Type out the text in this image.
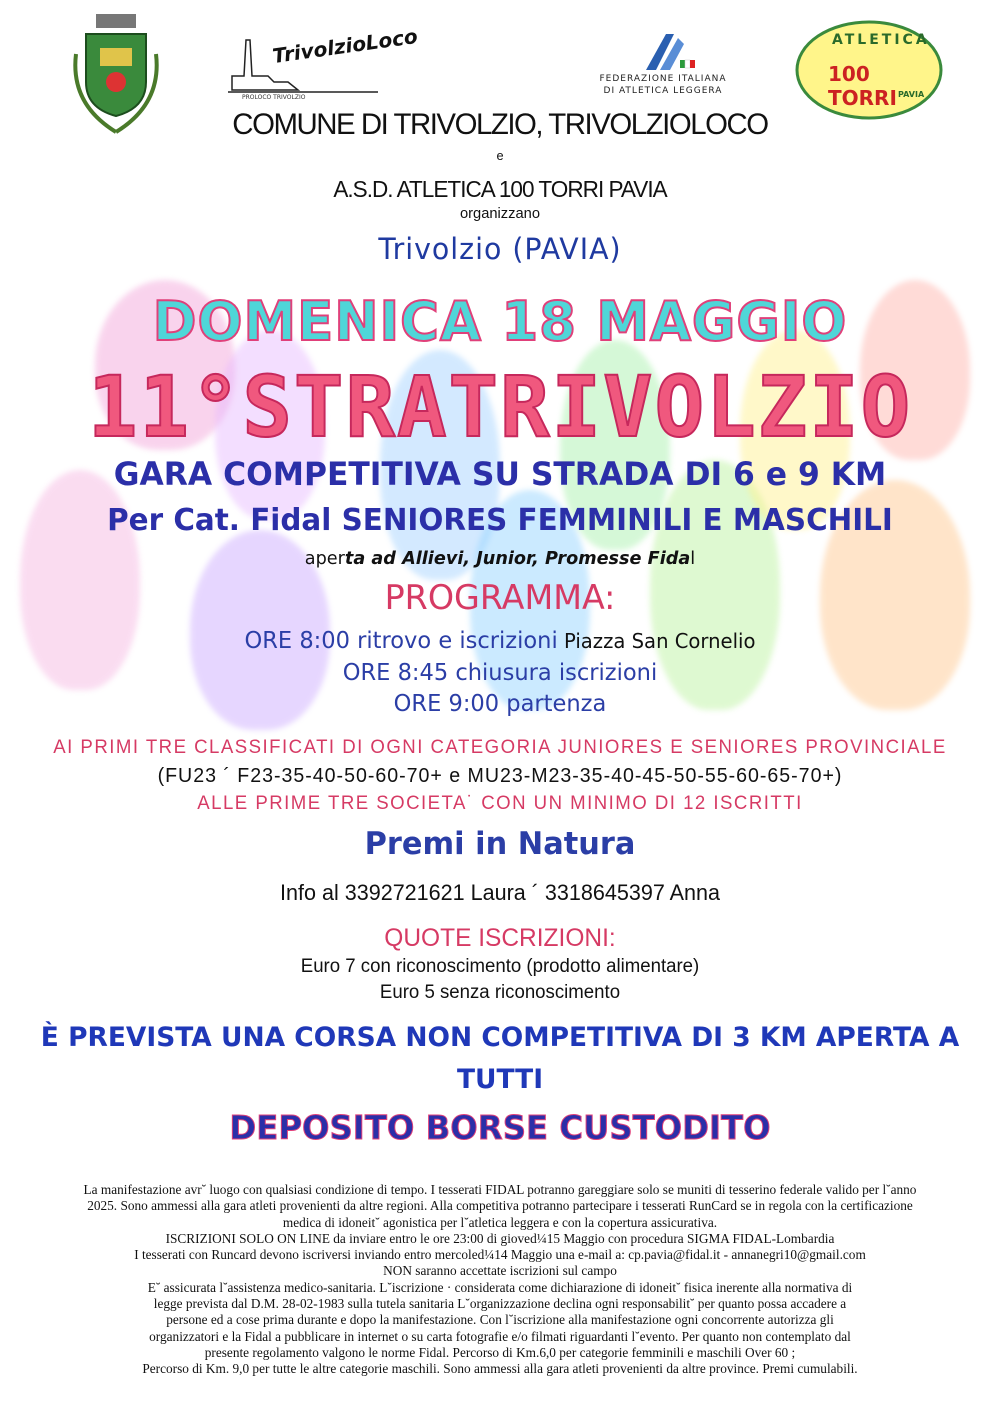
TrivolzioLoco
PROLOCO TRIVOLZIO
FEDERAZIONE ITALIANA
DI ATLETICA LEGGERA
ATLETICA
100 TORRI PAVIA
COMUNE DI TRIVOLZIO, TRIVOLZIOLOCO
e
A.S.D. ATLETICA 100 TORRI PAVIA
organizzano
Trivolzio (PAVIA)
DOMENICA 18 MAGGIO
11°STRATRIVOLZIO
GARA COMPETITIVA SU STRADA DI 6 e 9 KM
Per Cat. Fidal SENIORES FEMMINILI E MASCHILI
aperta ad Allievi, Junior, Promesse Fidal
PROGRAMMA:
ORE 8:00 ritrovo e iscrizioni Piazza San Cornelio
ORE 8:45 chiusura iscrizioni
ORE 9:00 partenza
AI PRIMI TRE CLASSIFICATI DI OGNI CATEGORIA JUNIORES E SENIORES PROVINCIALE
(FU23 ´ F23-35-40-50-60-70+ e MU23-M23-35-40-45-50-55-60-65-70+)
ALLE PRIME TRE SOCIETA˙ CON UN MINIMO DI 12 ISCRITTI
Premi in Natura
Info al 3392721621 Laura ´ 3318645397 Anna
QUOTE ISCRIZIONI:
Euro 7 con riconoscimento (prodotto alimentare)
Euro 5 senza riconoscimento
È PREVISTA UNA CORSA NON COMPETITIVA DI 3 KM APERTA A
TUTTI
DEPOSITO BORSE CUSTODITO
La manifestazione avr˘ luogo con qualsiasi condizione di tempo. I tesserati FIDAL potranno gareggiare solo se muniti di tesserino federale valido per l˘anno
2025. Sono ammessi alla gara atleti provenienti da altre regioni. Alla competitiva potranno partecipare i tesserati RunCard se in regola con la certificazione
medica di idoneit˘ agonistica per l˘atletica leggera e con la copertura assicurativa.
ISCRIZIONI SOLO ON LINE da inviare entro le ore 23:00 di gioved¼15 Maggio con procedura SIGMA FIDAL-Lombardia
I tesserati con Runcard devono iscriversi inviando entro mercoled¼14 Maggio una e-mail a: cp.pavia@fidal.it - annanegri10@gmail.com
NON saranno accettate iscrizioni sul campo
E˘ assicurata l˘assistenza medico-sanitaria. L˘iscrizione · considerata come dichiarazione di idoneit˘ fisica inerente alla normativa di
legge prevista dal D.M. 28-02-1983 sulla tutela sanitaria L˘organizzazione declina ogni responsabilit˘ per quanto possa accadere a
persone ed a cose prima durante e dopo la manifestazione. Con l˘iscrizione alla manifestazione ogni concorrente autorizza gli
organizzatori e la Fidal a pubblicare in internet o su carta fotografie e/o filmati riguardanti l˘evento. Per quanto non contemplato dal
presente regolamento valgono le norme Fidal. Percorso di Km.6,0 per categorie femminili e maschili Over 60 ;
Percorso di Km. 9,0 per tutte le altre categorie maschili. Sono ammessi alla gara atleti provenienti da altre province. Premi cumulabili.
